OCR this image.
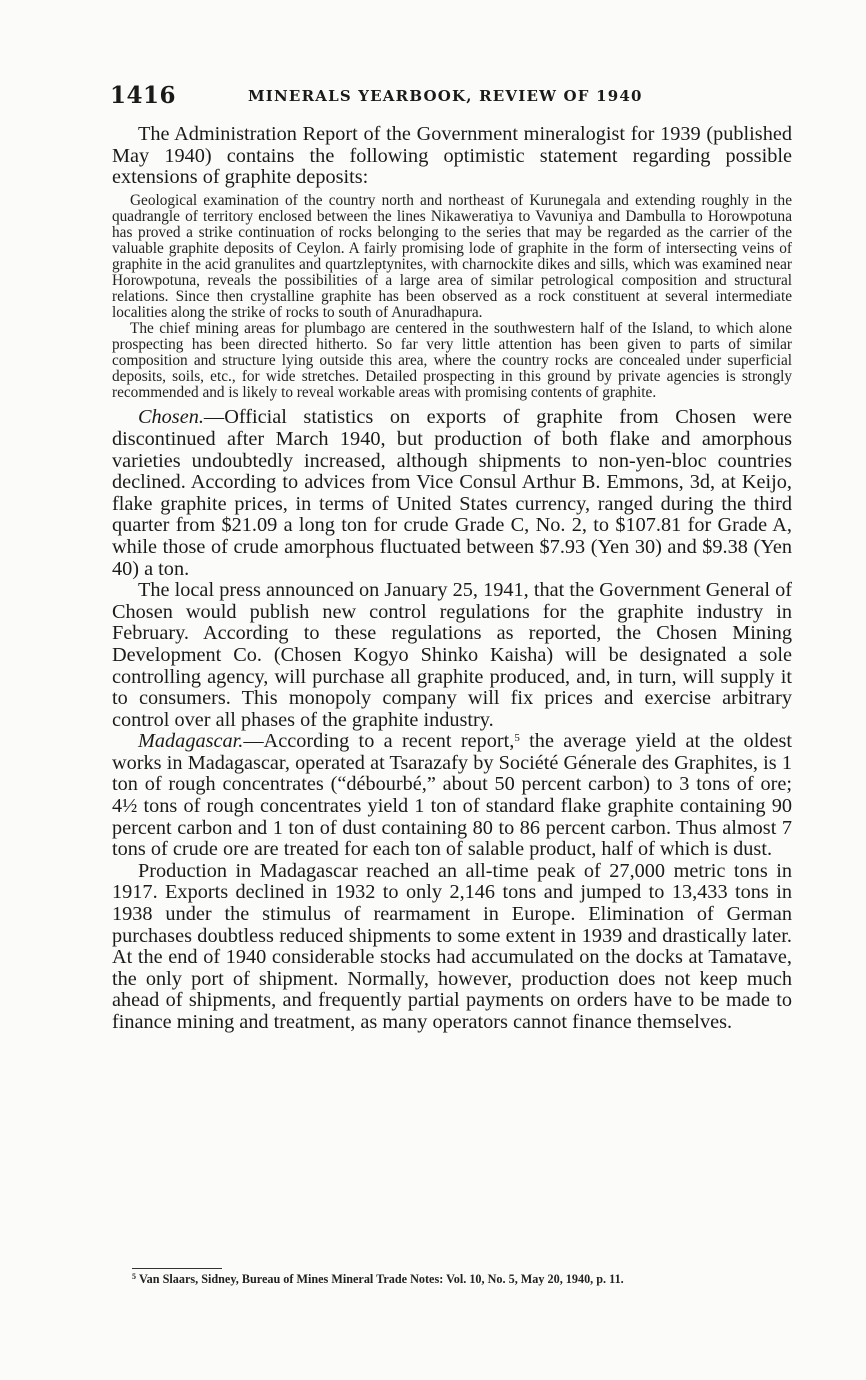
1416	MINERALS YEARBOOK, REVIEW OF 1940

The Administration Report of the Government mineralogist for 1939 (published May 1940) contains the following optimistic statement regarding possible extensions of graphite deposits:

Geological examination of the country north and northeast of Kurunegala and extending roughly in the quadrangle of territory enclosed between the lines Nikaweratiya to Vavuniya and Dambulla to Horowpotuna has proved a strike continuation of rocks belonging to the series that may be regarded as the carrier of the valuable graphite deposits of Ceylon. A fairly promising lode of graphite in the form of intersecting veins of graphite in the acid granulites and quartzleptynites, with charnockite dikes and sills, which was examined near Horowpotuna, reveals the possibilities of a large area of similar petrological composition and structural relations. Since then crystalline graphite has been observed as a rock constituent at several intermediate localities along the strike of rocks to south of Anuradhapura.

The chief mining areas for plumbago are centered in the southwestern half of the Island, to which alone prospecting has been directed hitherto. So far very little attention has been given to parts of similar composition and structure lying outside this area, where the country rocks are concealed under superficial deposits, soils, etc., for wide stretches. Detailed prospecting in this ground by private agencies is strongly recommended and is likely to reveal workable areas with promising contents of graphite.

Chosen.—Official statistics on exports of graphite from Chosen were discontinued after March 1940, but production of both flake and amorphous varieties undoubtedly increased, although shipments to non-yen-bloc countries declined. According to advices from Vice Consul Arthur B. Emmons, 3d, at Keijo, flake graphite prices, in terms of United States currency, ranged during the third quarter from $21.09 a long ton for crude Grade C, No. 2, to $107.81 for Grade A, while those of crude amorphous fluctuated between $7.93 (Yen 30) and $9.38 (Yen 40) a ton.

The local press announced on January 25, 1941, that the Government General of Chosen would publish new control regulations for the graphite industry in February. According to these regulations as reported, the Chosen Mining Development Co. (Chosen Kogyo Shinko Kaisha) will be designated a sole controlling agency, will purchase all graphite produced, and, in turn, will supply it to consumers. This monopoly company will fix prices and exercise arbitrary control over all phases of the graphite industry.

Madagascar.—According to a recent report,$^5$ the average yield at the oldest works in Madagascar, operated at Tsarazafy by Société Génerale des Graphites, is 1 ton of rough concentrates (“débourbé,” about 50 percent carbon) to 3 tons of ore; 4½ tons of rough concentrates yield 1 ton of standard flake graphite containing 90 percent carbon and 1 ton of dust containing 80 to 86 percent carbon. Thus almost 7 tons of crude ore are treated for each ton of salable product, half of which is dust.

Production in Madagascar reached an all-time peak of 27,000 metric tons in 1917. Exports declined in 1932 to only 2,146 tons and jumped to 13,433 tons in 1938 under the stimulus of rearmament in Europe. Elimination of German purchases doubtless reduced shipments to some extent in 1939 and drastically later. At the end of 1940 considerable stocks had accumulated on the docks at Tamatave, the only port of shipment. Normally, however, production does not keep much ahead of shipments, and frequently partial payments on orders have to be made to finance mining and treatment, as many operators cannot finance themselves.

$^5$ Van Slaars, Sidney, Bureau of Mines Mineral Trade Notes: Vol. 10, No. 5, May 20, 1940, p. 11.
